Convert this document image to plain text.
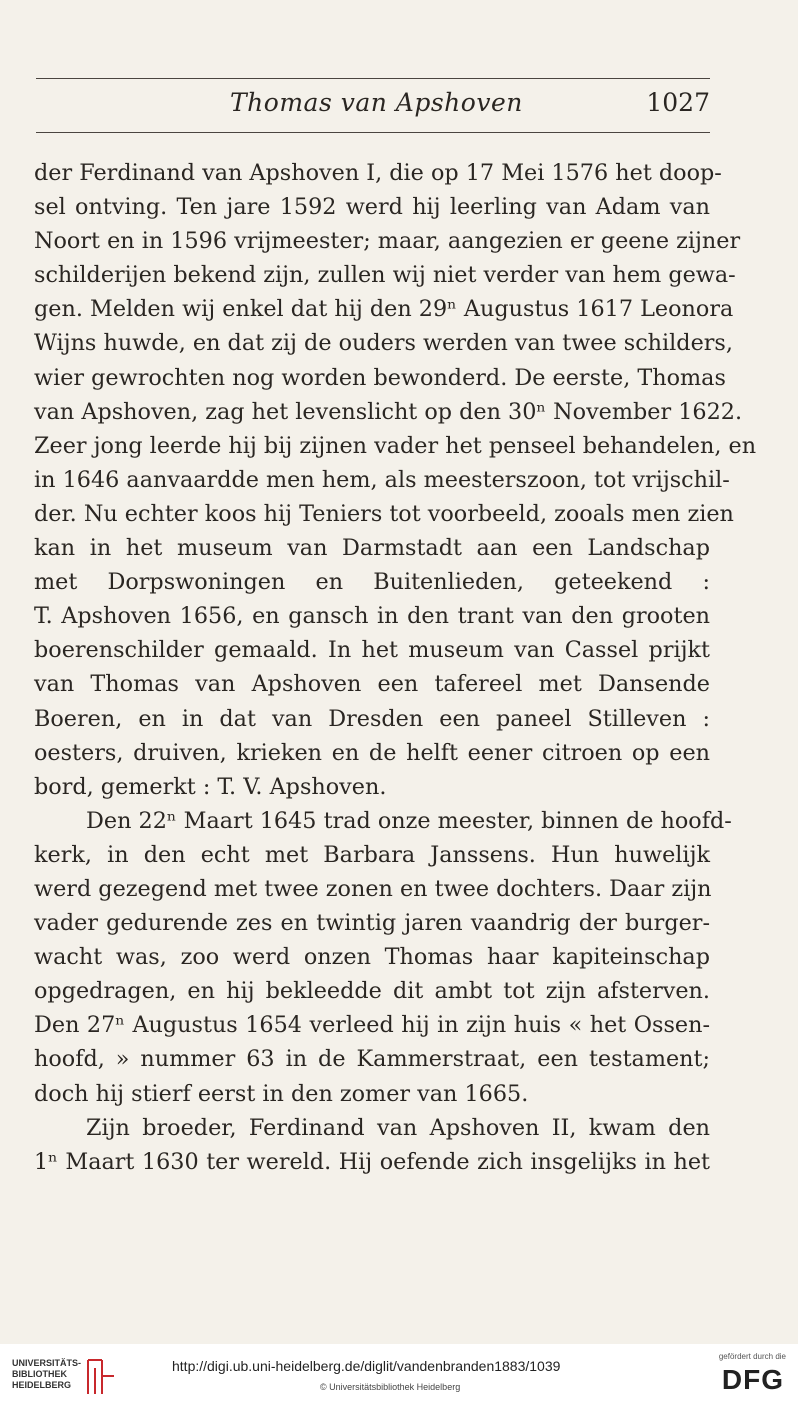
Thomas van Apshoven	1027
der Ferdinand van Apshoven I, die op 17 Mei 1576 het doop-
sel ontving. Ten jare 1592 werd hij leerling van Adam van
Noort en in 1596 vrijmeester; maar, aangezien er geene zijner
schilderijen bekend zijn, zullen wij niet verder van hem gewa-
gen. Melden wij enkel dat hij den 29ⁿ Augustus 1617 Leonora
Wijns huwde, en dat zij de ouders werden van twee schilders,
wier gewrochten nog worden bewonderd. De eerste, Thomas
van Apshoven, zag het levenslicht op den 30ⁿ November 1622.
Zeer jong leerde hij bij zijnen vader het penseel behandelen, en
in 1646 aanvaardde men hem, als meesterszoon, tot vrijschil-
der. Nu echter koos hij Teniers tot voorbeeld, zooals men zien
kan in het museum van Darmstadt aan een Landschap
met Dorpswoningen en Buitenlieden, geteekend :
T. Apshoven 1656, en gansch in den trant van den grooten
boerenschilder gemaald. In het museum van Cassel prijkt
van Thomas van Apshoven een tafereel met Dansende
Boeren, en in dat van Dresden een paneel Stilleven :
oesters, druiven, krieken en de helft eener citroen op een
bord, gemerkt : T. V. Apshoven.
Den 22ⁿ Maart 1645 trad onze meester, binnen de hoofd-
kerk, in den echt met Barbara Janssens. Hun huwelijk
werd gezegend met twee zonen en twee dochters. Daar zijn
vader gedurende zes en twintig jaren vaandrig der burger-
wacht was, zoo werd onzen Thomas haar kapiteinschap
opgedragen, en hij bekleedde dit ambt tot zijn afsterven.
Den 27ⁿ Augustus 1654 verleed hij in zijn huis « het Ossen-
hoofd, » nummer 63 in de Kammerstraat, een testament;
doch hij stierf eerst in den zomer van 1665.
Zijn broeder, Ferdinand van Apshoven II, kwam den
1ⁿ Maart 1630 ter wereld. Hij oefende zich insgelijks in het
UNIVERSITÄTS-
BIBLIOTHEK
HEIDELBERG
http://digi.ub.uni-heidelberg.de/diglit/vandenbranden1883/1039
© Universitätsbibliothek Heidelberg
gefördert durch die
DFG
